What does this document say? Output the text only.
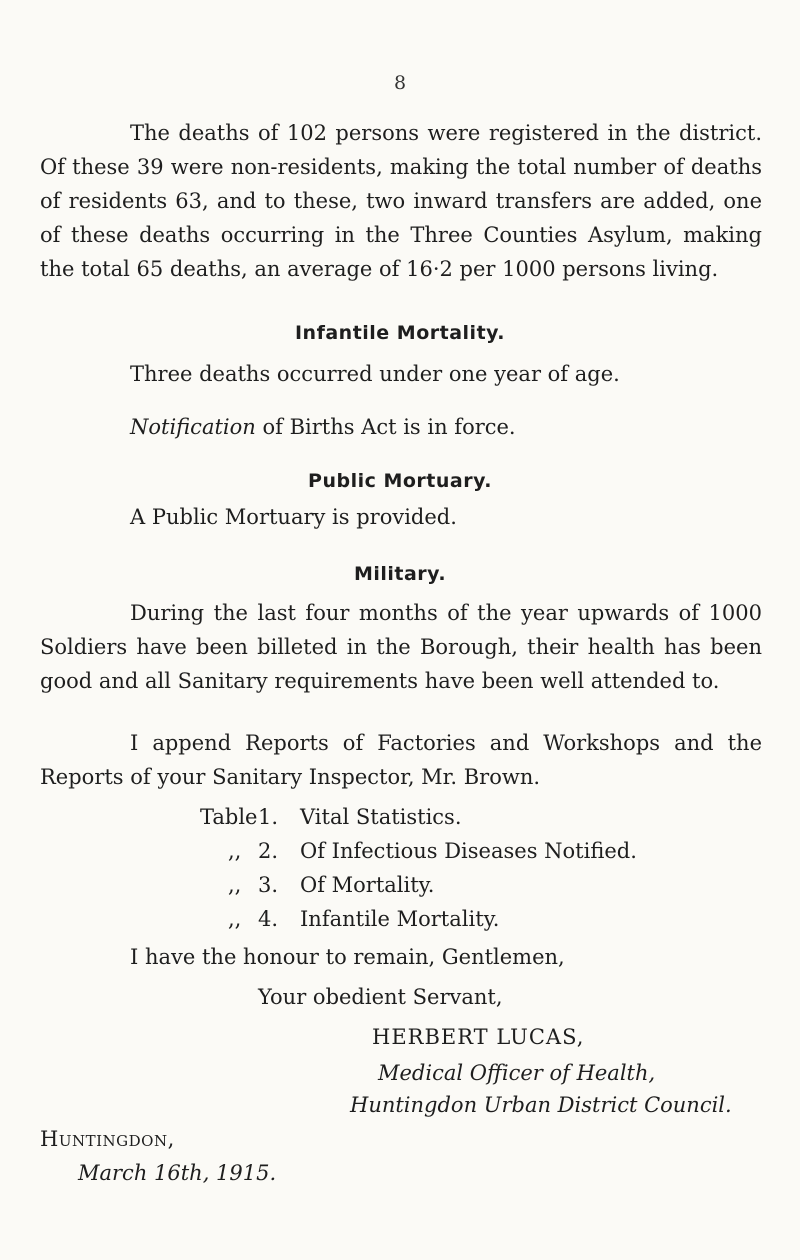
8
The deaths of 102 persons were registered in the district. Of these 39 were non-residents, making the total number of deaths of residents 63, and to these, two inward transfers are added, one of these deaths occurring in the Three Counties Asylum, making the total 65 deaths, an average of 16·2 per 1000 persons living.
Infantile Mortality.
Three deaths occurred under one year of age.
Notification of Births Act is in force.
Public Mortuary.
A Public Mortuary is provided.
Military.
During the last four months of the year upwards of 1000 Soldiers have been billeted in the Borough, their health has been good and all Sanitary requirements have been well attended to.
I append Reports of Factories and Workshops and the Reports of your Sanitary Inspector, Mr. Brown.
Table 1.	Vital Statistics.
,, 2.	Of Infectious Diseases Notified.
,, 3.	Of Mortality.
,, 4.	Infantile Mortality.
I have the honour to remain, Gentlemen,
Your obedient Servant,
HERBERT LUCAS,
Medical Officer of Health,
Huntingdon Urban District Council.
Huntingdon,
March 16th, 1915.
